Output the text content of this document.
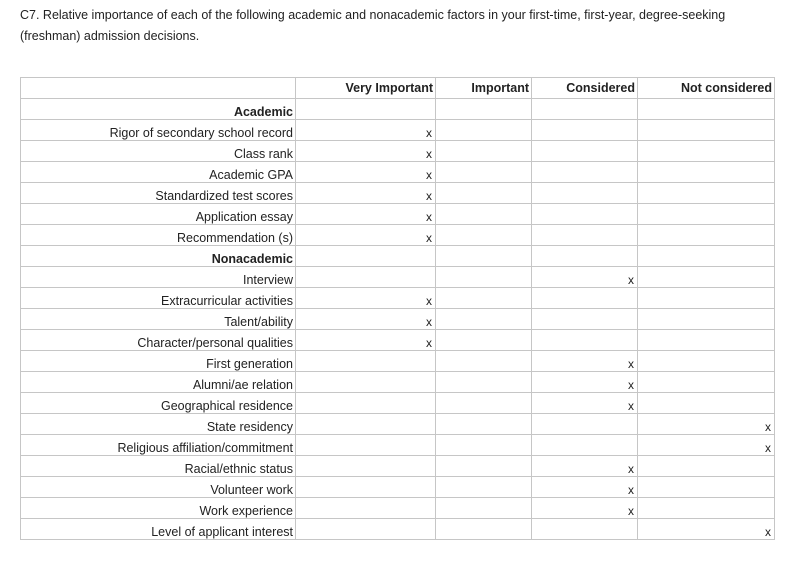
C7. Relative importance of each of the following academic and nonacademic factors in your first-time, first-year, degree-seeking (freshman) admission decisions.

	Very Important	Important	Considered	Not considered
Academic				
Rigor of secondary school record	x			
Class rank	x			
Academic GPA	x			
Standardized test scores	x			
Application essay	x			
Recommendation (s)	x			
Nonacademic				
Interview			x	
Extracurricular activities	x			
Talent/ability	x			
Character/personal qualities	x			
First generation			x	
Alumni/ae relation			x	
Geographical residence			x	
State residency				x
Religious affiliation/commitment				x
Racial/ethnic status			x	
Volunteer work			x	
Work experience			x	
Level of applicant interest				x
